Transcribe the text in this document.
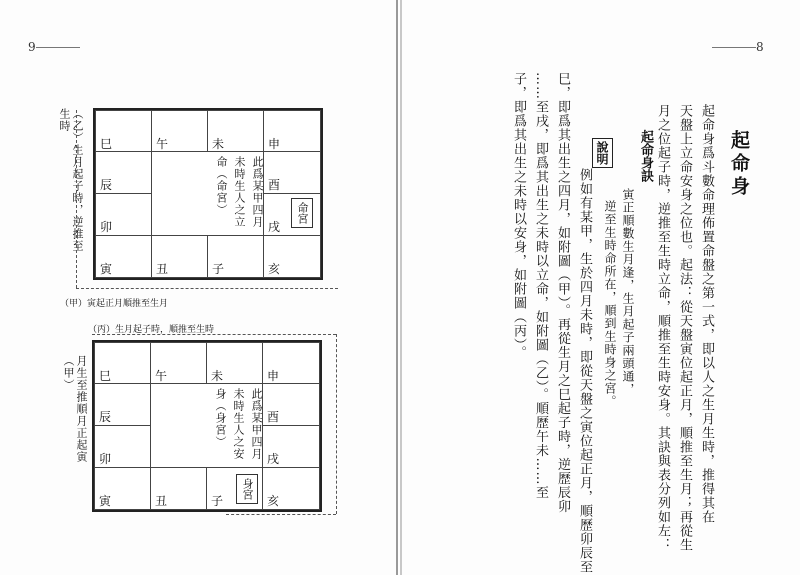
9
（乙）生月起子時，逆推至生時
巳	午	未	申
辰	酉
卯	戌
寅	丑	子	亥
此爲某甲四月
未時生人之立
命（命宮）	命宮
（甲）寅起正月順推至生月
（丙）生月起子時，順推至生時
月生至推順月正起寅（甲）	巳	午	未	申
辰	酉
卯	戌
寅	丑	子	亥
此爲某甲四月
未時生人之安
身（身宮）
身宮
8
起命身
起命身爲斗數命理佈置命盤之第一式，即以人之生月生時，推得其在
天盤上立命安身之位也。起法：從天盤寅位起正月，順推至生月；再從生
月之位起子時，逆推至生時立命，順推至生時安身。其訣與表分列如左：
起命身訣
寅正順數生月逢，生月起子兩頭通，
逆至生時命所在，順到生時身之宮。
說明
例如有某甲，生於四月未時，即從天盤之寅位起正月，順歷卯辰至
巳，即爲其出生之四月，如附圖（甲）。再從生月之巳起子時，逆歷辰卯
……至戌，即爲其出生之未時以立命，如附圖（乙）。順歷午未……至
子，即爲其出生之未時以安身，如附圖（丙）。
